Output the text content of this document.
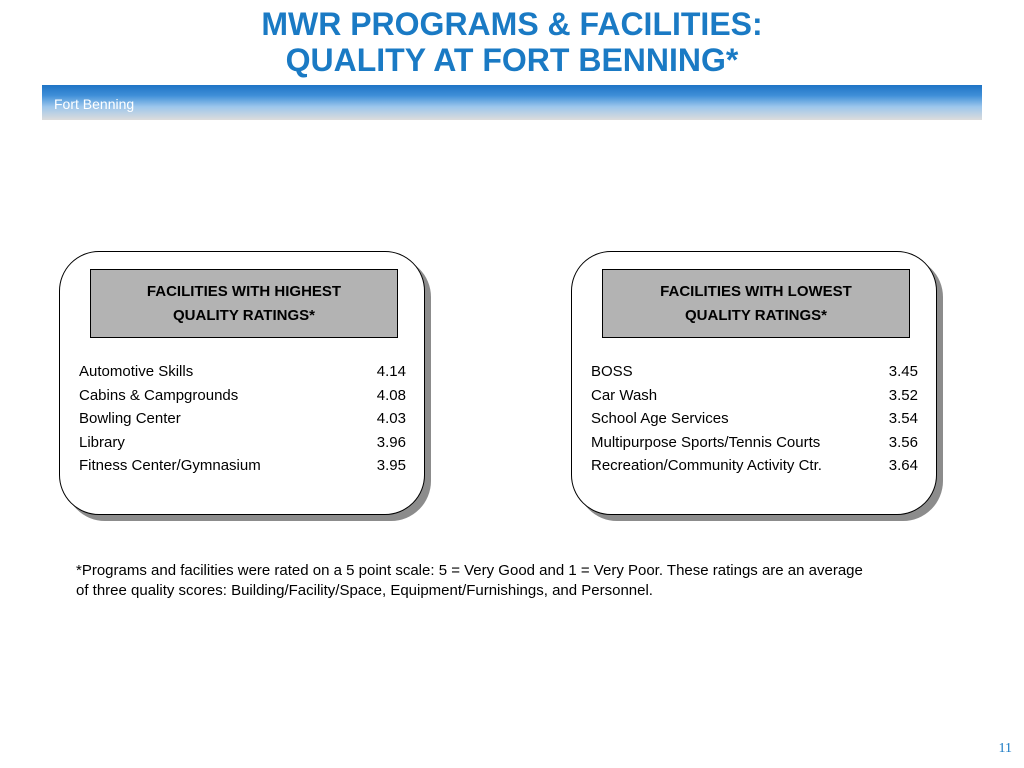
MWR PROGRAMS & FACILITIES:
QUALITY AT FORT BENNING*
Fort Benning
FACILITIES WITH HIGHEST
QUALITY RATINGS*
Automotive Skills	4.14
Cabins & Campgrounds	4.08
Bowling Center	4.03
Library	3.96
Fitness Center/Gymnasium	3.95
FACILITIES WITH LOWEST
QUALITY RATINGS*
BOSS	3.45
Car Wash	3.52
School Age Services	3.54
Multipurpose Sports/Tennis Courts	3.56
Recreation/Community Activity Ctr.	3.64
*Programs and facilities were rated on a 5 point scale: 5 = Very Good and 1 = Very Poor. These ratings are an average
of three quality scores: Building/Facility/Space, Equipment/Furnishings, and Personnel.
11
